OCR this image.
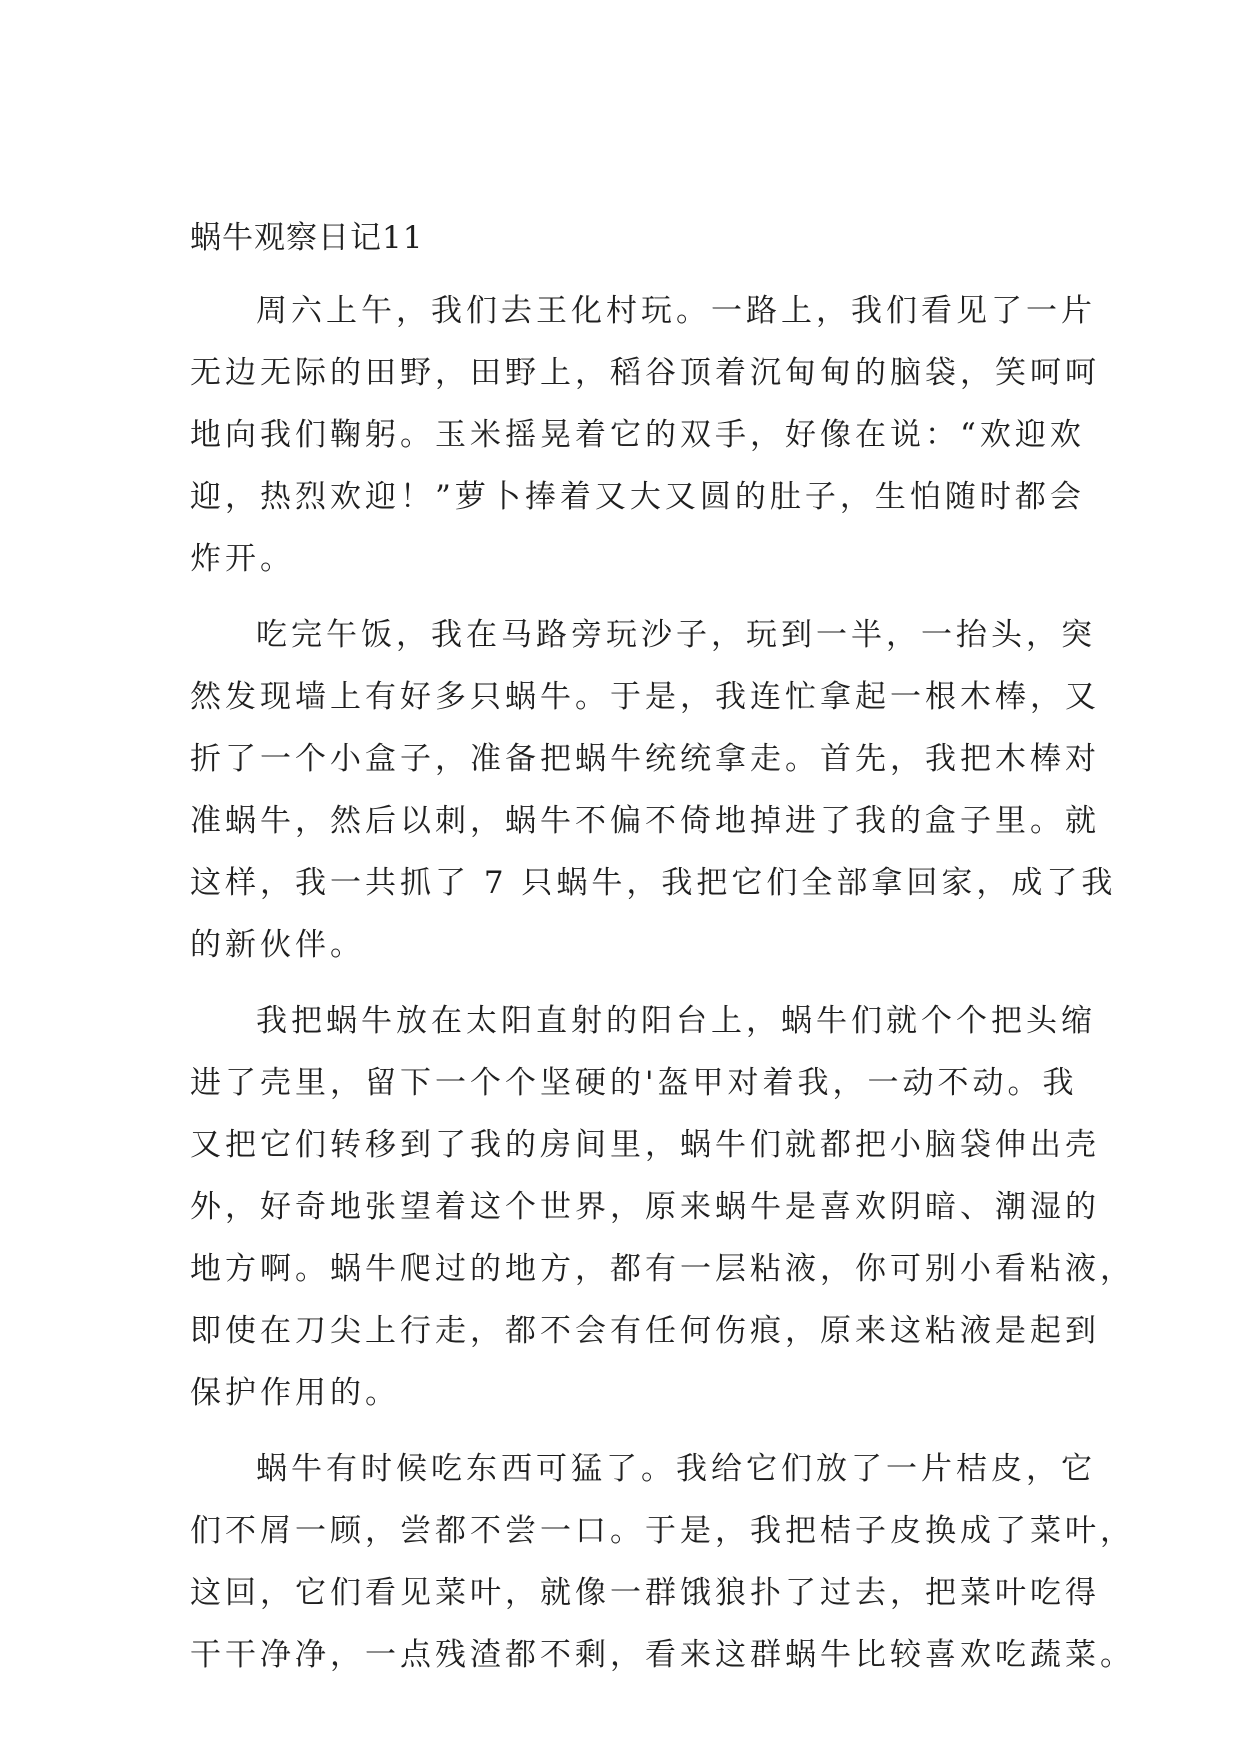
蜗牛观察日记11
周六上午，我们去王化村玩。一路上，我们看见了一片
无边无际的田野，田野上，稻谷顶着沉甸甸的脑袋，笑呵呵
地向我们鞠躬。玉米摇晃着它的双手，好像在说：“欢迎欢
迎，热烈欢迎！”萝卜捧着又大又圆的肚子，生怕随时都会
炸开。
吃完午饭，我在马路旁玩沙子，玩到一半，一抬头，突
然发现墙上有好多只蜗牛。于是，我连忙拿起一根木棒，又
折了一个小盒子，准备把蜗牛统统拿走。首先，我把木棒对
准蜗牛，然后以刺，蜗牛不偏不倚地掉进了我的盒子里。就
这样，我一共抓了 7 只蜗牛，我把它们全部拿回家，成了我
的新伙伴。
我把蜗牛放在太阳直射的阳台上，蜗牛们就个个把头缩
进了壳里，留下一个个坚硬的'盔甲对着我，一动不动。我
又把它们转移到了我的房间里，蜗牛们就都把小脑袋伸出壳
外，好奇地张望着这个世界，原来蜗牛是喜欢阴暗、潮湿的
地方啊。蜗牛爬过的地方，都有一层粘液，你可别小看粘液，
即使在刀尖上行走，都不会有任何伤痕，原来这粘液是起到
保护作用的。
蜗牛有时候吃东西可猛了。我给它们放了一片桔皮，它
们不屑一顾，尝都不尝一口。于是，我把桔子皮换成了菜叶，
这回，它们看见菜叶，就像一群饿狼扑了过去，把菜叶吃得
干干净净，一点残渣都不剩，看来这群蜗牛比较喜欢吃蔬菜。
